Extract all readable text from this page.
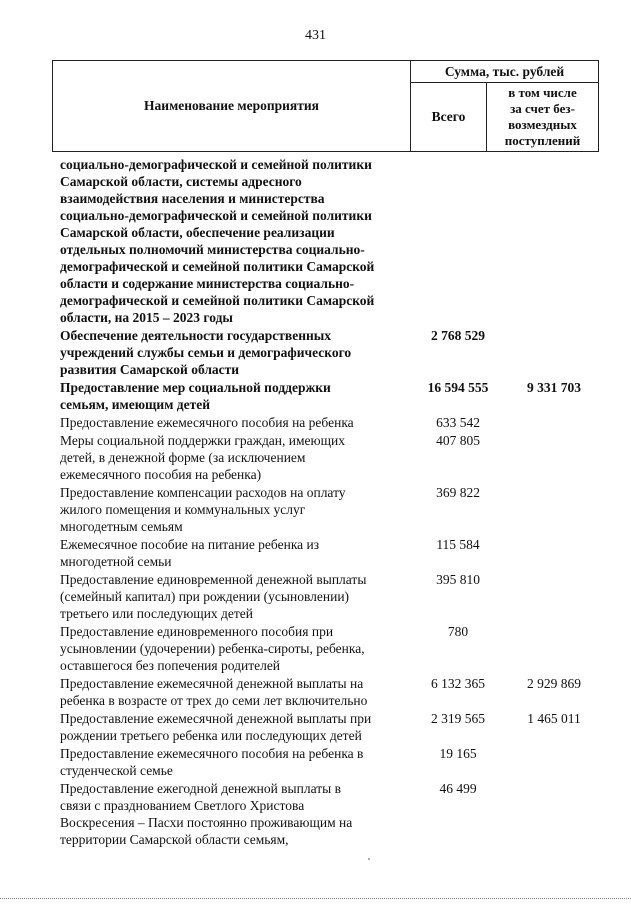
431
Наименование мероприятия
Сумма, тыс. рублей
Всего
в том числе
за счет без-
возмездных
поступлений
социально-демографической и семейной политики
Самарской области, системы адресного
взаимодействия населения и министерства
социально-демографической и семейной политики
Самарской области, обеспечение реализации
отдельных полномочий министерства социально-
демографической и семейной политики Самарской
области и содержание министерства социально-
демографической и семейной политики Самарской
области, на 2015 – 2023 годы
Обеспечение деятельности государственных
учреждений службы семьи и демографического
развития Самарской области
2 768 529
Предоставление мер социальной поддержки
семьям, имеющим детей
16 594 555	9 331 703
Предоставление ежемесячного пособия на ребенка	633 542
Меры социальной поддержки граждан, имеющих
детей, в денежной форме (за исключением
ежемесячного пособия на ребенка)
407 805
Предоставление компенсации расходов на оплату
жилого помещения и коммунальных услуг
многодетным семьям
369 822
Ежемесячное пособие на питание ребенка из
многодетной семьи
115 584
Предоставление единовременной денежной выплаты
(семейный капитал) при рождении (усыновлении)
третьего или последующих детей
395 810
Предоставление единовременного пособия при
усыновлении (удочерении) ребенка-сироты, ребенка,
оставшегося без попечения родителей
780
Предоставление ежемесячной денежной выплаты на
ребенка в возрасте от трех до семи лет включительно
6 132 365	2 929 869
Предоставление ежемесячной денежной выплаты при
рождении третьего ребенка или последующих детей
2 319 565	1 465 011
Предоставление ежемесячного пособия на ребенка в
студенческой семье
19 165
Предоставление ежегодной денежной выплаты в
связи с празднованием Светлого Христова
Воскресения – Пасхи постоянно проживающим на
территории Самарской области семьям,
46 499
